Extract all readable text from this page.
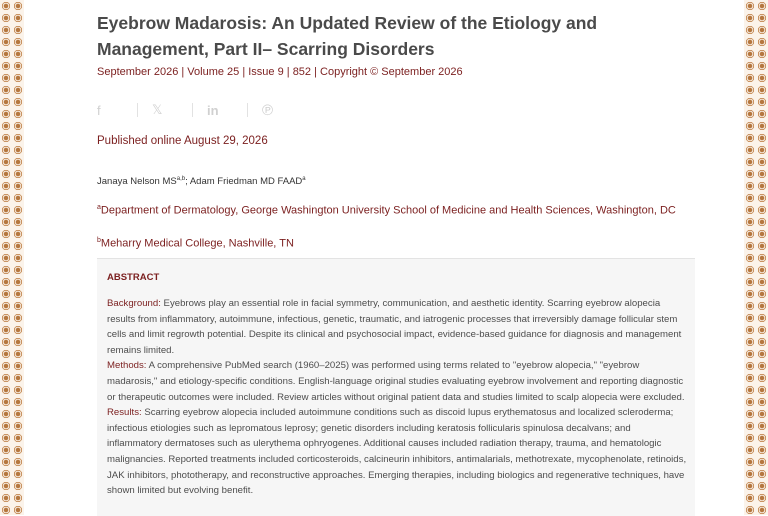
Eyebrow Madarosis: An Updated Review of the Etiology and Management, Part II– Scarring Disorders
September 2026 | Volume 25 | Issue 9 | 852 | Copyright © September 2026
f	𝕏	in	℗
Published online August 29, 2026
Janaya Nelson MS$^{a,b}$; Adam Friedman MD FAAD$^a$
$^a$Department of Dermatology, George Washington University School of Medicine and Health Sciences, Washington, DC
$^b$Meharry Medical College, Nashville, TN
ABSTRACT

Background: Eyebrows play an essential role in facial symmetry, communication, and aesthetic identity. Scarring eyebrow alopecia results from inflammatory, autoimmune, infectious, genetic, traumatic, and iatrogenic processes that irreversibly damage follicular stem cells and limit regrowth potential. Despite its clinical and psychosocial impact, evidence-based guidance for diagnosis and management remains limited.

Methods: A comprehensive PubMed search (1960–2025) was performed using terms related to "eyebrow alopecia," "eyebrow madarosis," and etiology-specific conditions. English-language original studies evaluating eyebrow involvement and reporting diagnostic or therapeutic outcomes were included. Review articles without original patient data and studies limited to scalp alopecia were excluded.

Results: Scarring eyebrow alopecia included autoimmune conditions such as discoid lupus erythematosus and localized scleroderma; infectious etiologies such as lepromatous leprosy; genetic disorders including keratosis follicularis spinulosa decalvans; and inflammatory dermatoses such as ulerythema ophryogenes. Additional causes included radiation therapy, trauma, and hematologic malignancies. Reported treatments included corticosteroids, calcineurin inhibitors, antimalarials, methotrexate, mycophenolate, retinoids, JAK inhibitors, phototherapy, and reconstructive approaches. Emerging therapies, including biologics and regenerative techniques, have shown limited but evolving benefit.
